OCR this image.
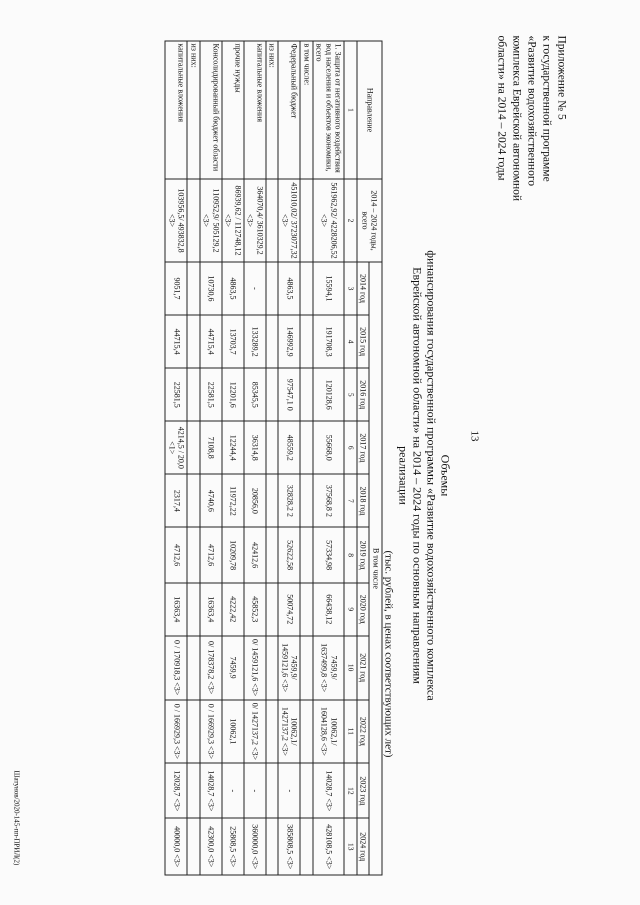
13
Приложение № 5
к государственной программе
«Развитие водохозяйственного
комплекса Еврейской автономной
области» на 2014 – 2024 годы
Объемы
финансирования государственной программы «Развитие водохозяйственного комплекса
Еврейской автономной области» на 2014 – 2024 годы по основным направлениям реализации
(тыс. рублей, в ценах соответствующих лет)
Направление	2014 – 2024 годы, всего	В том числе										
		2014 год	2015 год	2016 год	2017 год	2018 год	2019 год	2020 год	2021 год	2022 год	2023 год	2024 год
1	2	3	4	5	6	7	8	9	10	11	12	13
1. Защита от негативного воздействия вод населения и объектов экономики, всего	561962,92/ 4228206,52 <3>	15594,1	191708,3	120128,6	55668,0	37568,8 2	57334,98	66438,12	7459,9/ 1637499,8 <3>	10062,1/ 1604128,6 <3>	14028,7 <3>	428108,5 <3>
в том числе:												
Федеральный бюджет	451010,02/ 3723077,32 <3>	4863,5	146992,9	97547,1 0	48559,2	32828,2 2	52622,58	50074,72	7459,9/ 1459121,6 <3>	10062,1/ 1427137,2 <3>	-	385808,5 <3>
из них:												
капитальные вложения	364070,4/ 3610329,2 <3>	-	133289,2	85345,5	36314,8	20856,0	42412,6	45852,3	0/ 1459121,6 <3>	0/ 1427137,2 <3>	-	360000,0 <3>
прочие нужды	86939,62 / 112748,12 <3>	4863,5	13703,7	12201,6	12244,4	11972,22	10209,78	4222,42	7459,9	10062,1	-	25808,5 <3>
Консолидированный бюджет области	110952,9/ 505129,2 <3>	10730,6	44715,4	22581,5	7108,8	4740,6	4712,6	16363,4	0/ 178378,2 <3>	0 / 166929,3 <3>	14028,7 <3>	42300,0 <3>
из них:												
капитальные вложения	103956,5/ 493832,8 <3>	9051,7	44715,4	22581,5	4214,5 / 20,0 <1>	2317,4	4712,6	16363,4	0 / 170918,3 <3>	0 / 166929,3 <3>	12028,7 <3>	40000,0 <3>
Шатунов/2020-145-пп-ПРИЛ(2)
